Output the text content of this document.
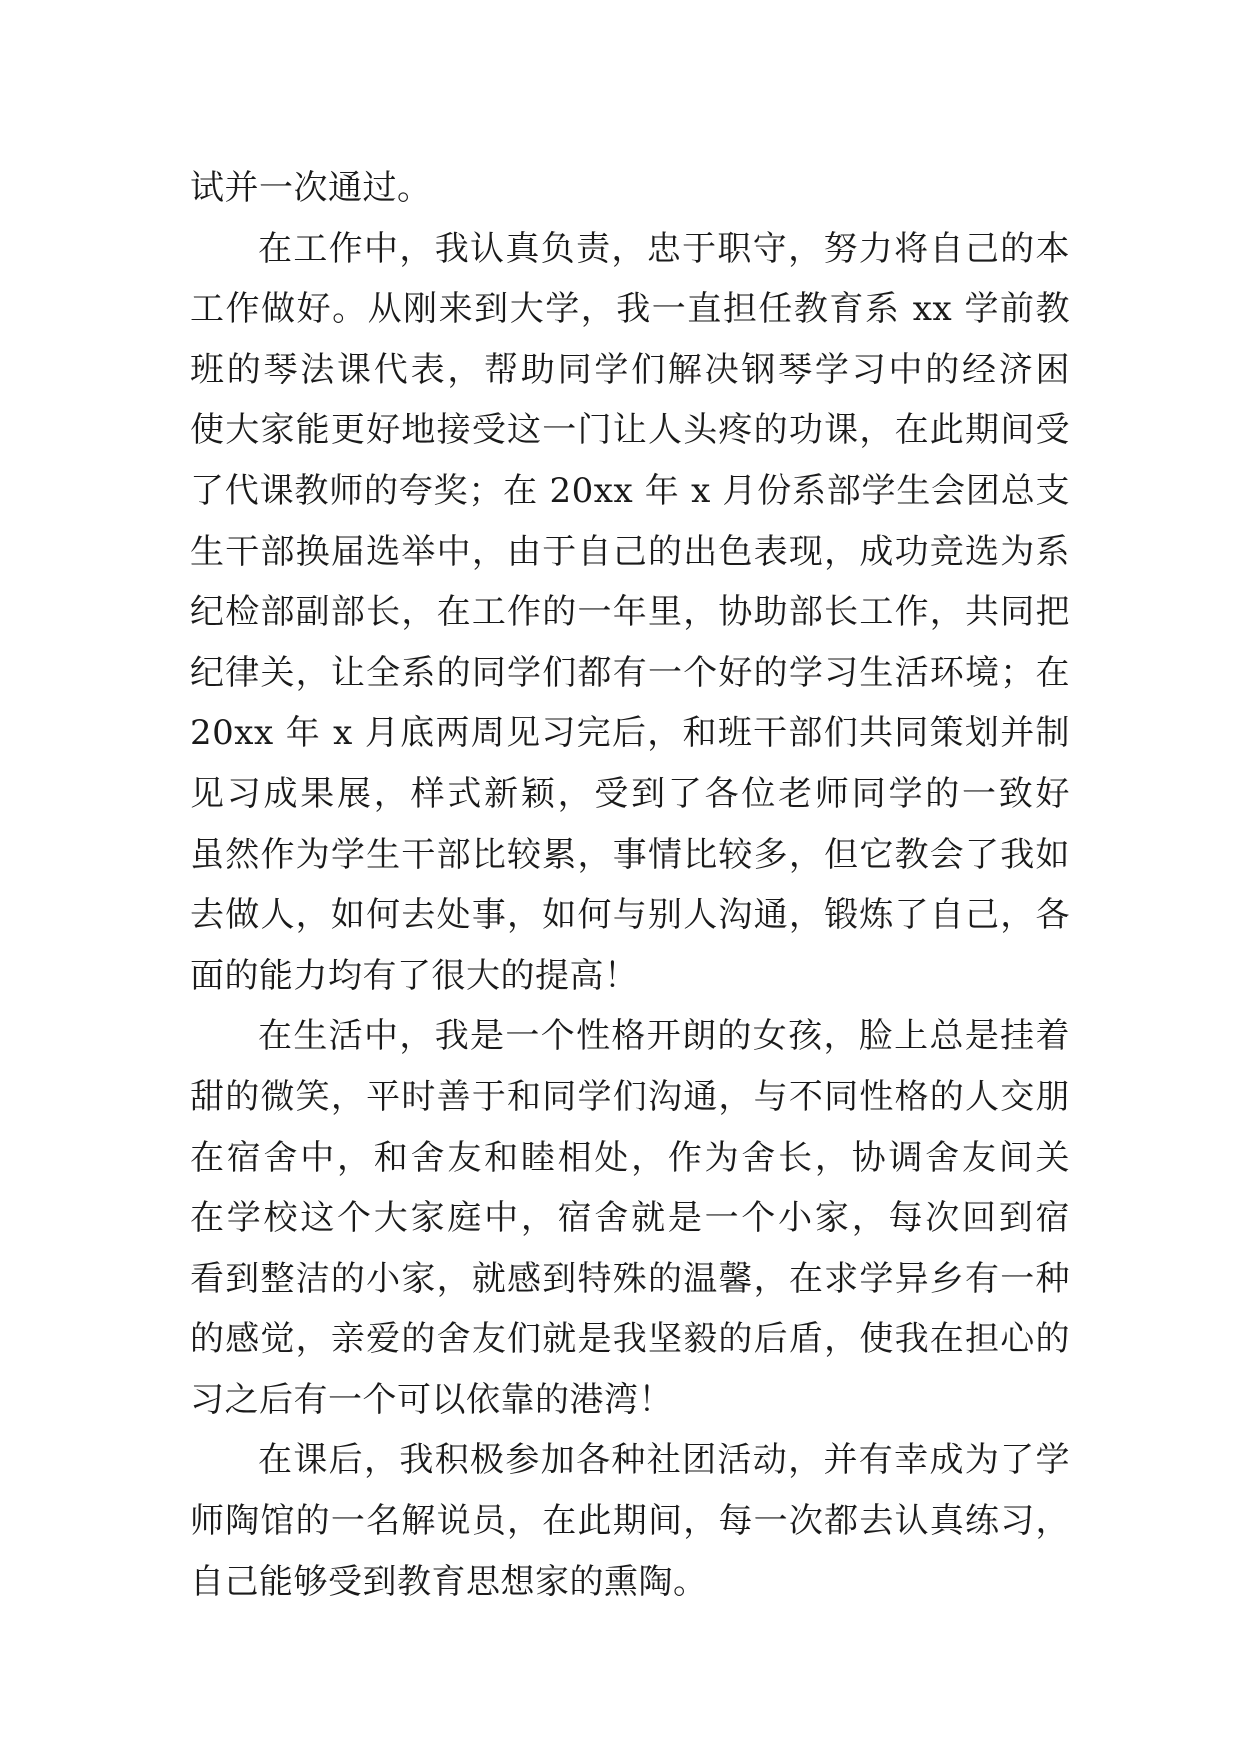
试并一次通过。
在工作中，我认真负责，忠于职守，努力将自己的本
工作做好。从刚来到大学，我一直担任教育系 xx 学前教
班的琴法课代表，帮助同学们解决钢琴学习中的经济困
使大家能更好地接受这一门让人头疼的功课，在此期间受
了代课教师的夸奖；在 20xx 年 x 月份系部学生会团总支
生干部换届选举中，由于自己的出色表现，成功竞选为系
纪检部副部长，在工作的一年里，协助部长工作，共同把
纪律关，让全系的同学们都有一个好的学习生活环境；在
20xx 年 x 月底两周见习完后，和班干部们共同策划并制
见习成果展，样式新颖，受到了各位老师同学的一致好
虽然作为学生干部比较累，事情比较多，但它教会了我如
去做人，如何去处事，如何与别人沟通，锻炼了自己，各
面的能力均有了很大的提高！
在生活中，我是一个性格开朗的女孩，脸上总是挂着
甜的微笑，平时善于和同学们沟通，与不同性格的人交朋
在宿舍中，和舍友和睦相处，作为舍长，协调舍友间关
在学校这个大家庭中，宿舍就是一个小家，每次回到宿
看到整洁的小家，就感到特殊的温馨，在求学异乡有一种
的感觉，亲爱的舍友们就是我坚毅的后盾，使我在担心的
习之后有一个可以依靠的港湾！
在课后，我积极参加各种社团活动，并有幸成为了学
师陶馆的一名解说员，在此期间，每一次都去认真练习，
自己能够受到教育思想家的熏陶。
